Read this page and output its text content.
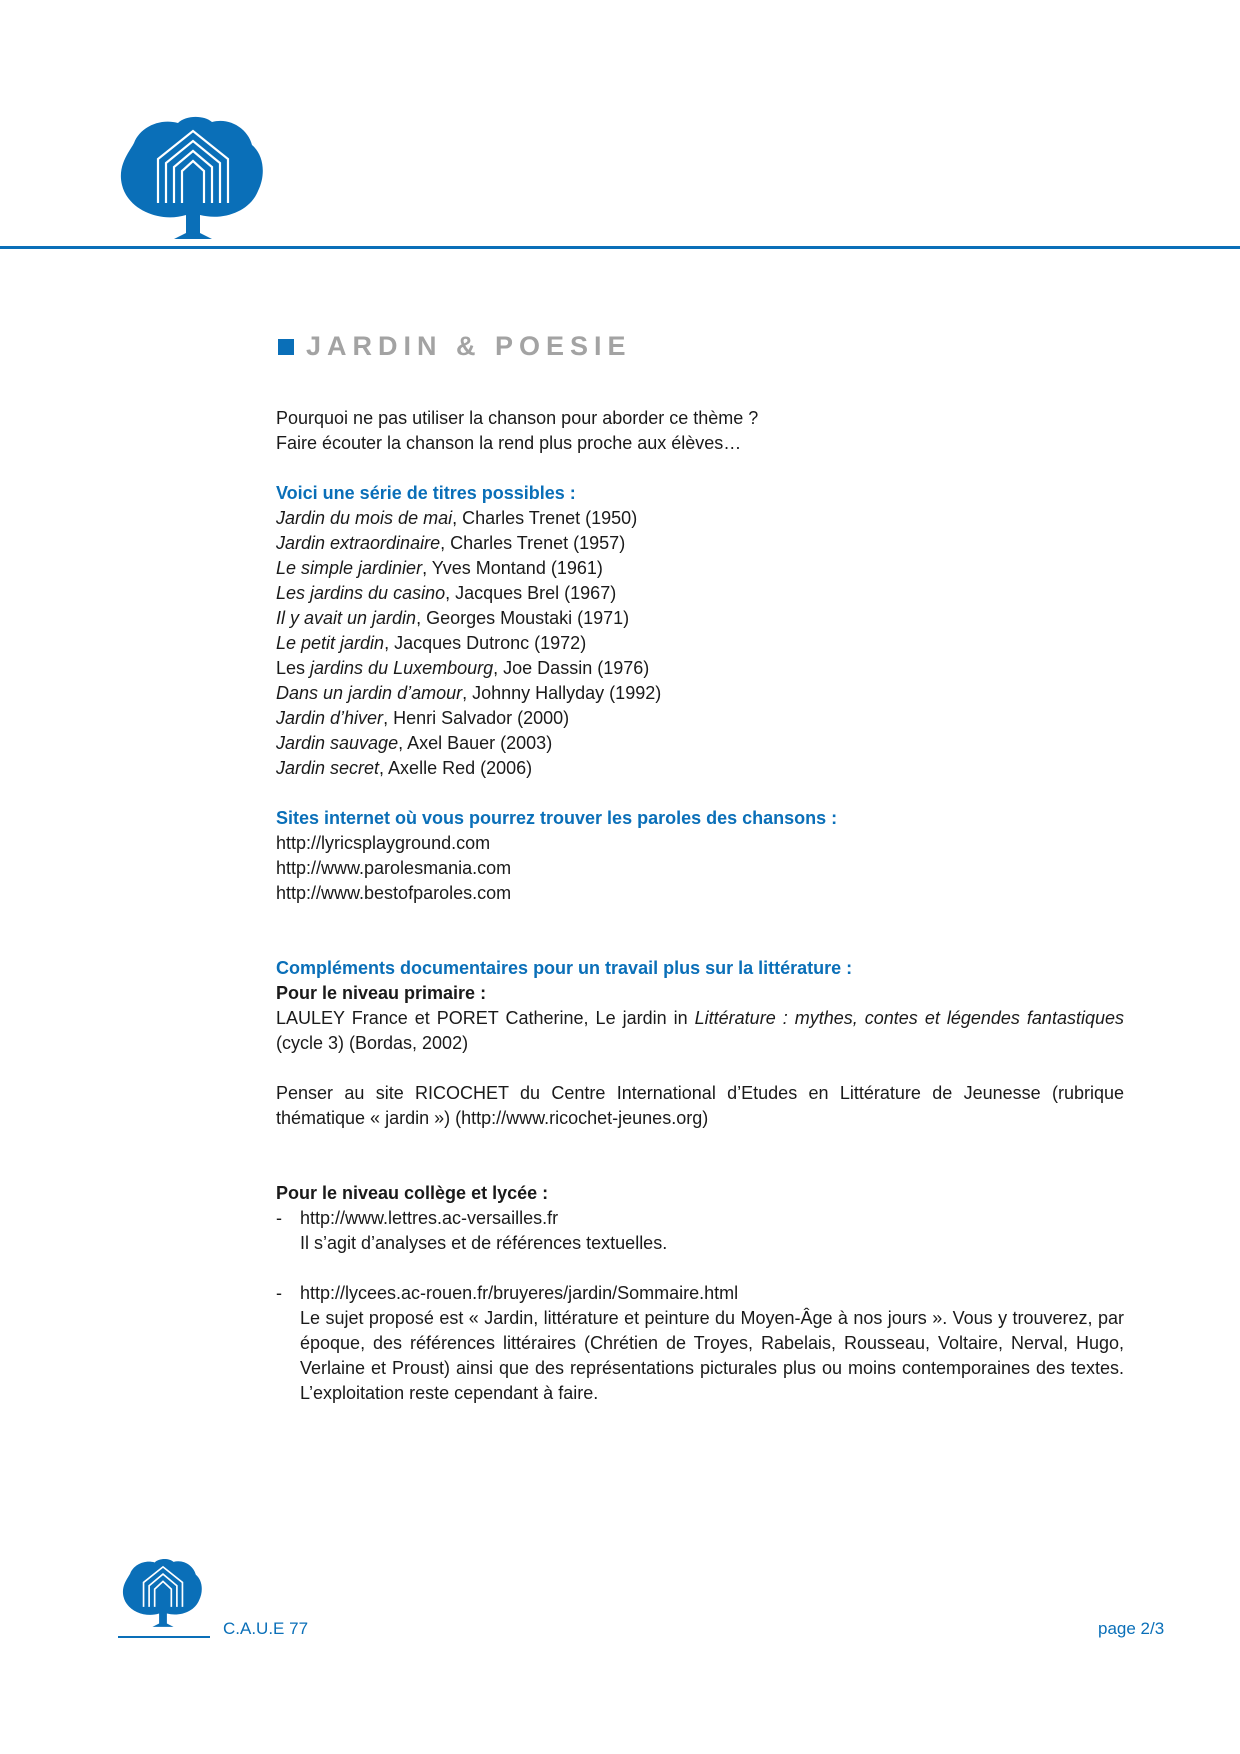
JARDIN & POESIE

Pourquoi ne pas utiliser la chanson pour aborder ce thème ?

Faire écouter la chanson la rend plus proche aux élèves…

Voici une série de titres possibles :

Jardin du mois de mai, Charles Trenet (1950)

Jardin extraordinaire, Charles Trenet (1957)

Le simple jardinier, Yves Montand (1961)

Les jardins du casino, Jacques Brel (1967)

Il y avait un jardin, Georges Moustaki (1971)

Le petit jardin, Jacques Dutronc (1972)

Les jardins du Luxembourg, Joe Dassin (1976)

Dans un jardin d’amour, Johnny Hallyday (1992)

Jardin d’hiver, Henri Salvador (2000)

Jardin sauvage, Axel Bauer (2003)

Jardin secret, Axelle Red (2006)

Sites internet où vous pourrez trouver les paroles des chansons :

http://lyricsplayground.com

http://www.parolesmania.com

http://www.bestofparoles.com

Compléments documentaires pour un travail plus sur la littérature :

Pour le niveau primaire :

LAULEY France et PORET Catherine, Le jardin in Littérature : mythes, contes et légendes fantastiques (cycle 3) (Bordas, 2002)

Penser au site RICOCHET du Centre International d’Etudes en Littérature de Jeunesse (rubrique thématique « jardin ») (http://www.ricochet-jeunes.org)

Pour le niveau collège et lycée :

- http://www.lettres.ac-versailles.fr

Il s’agit d’analyses et de références textuelles.

- http://lycees.ac-rouen.fr/bruyeres/jardin/Sommaire.html

Le sujet proposé est « Jardin, littérature et peinture du Moyen-Âge à nos jours ». Vous y trouverez, par époque, des références littéraires (Chrétien de Troyes, Rabelais, Rousseau, Voltaire, Nerval, Hugo, Verlaine et Proust) ainsi que des représentations picturales plus ou moins contemporaines des textes. L’exploitation reste cependant à faire.

C.A.U.E 77	page 2/3
